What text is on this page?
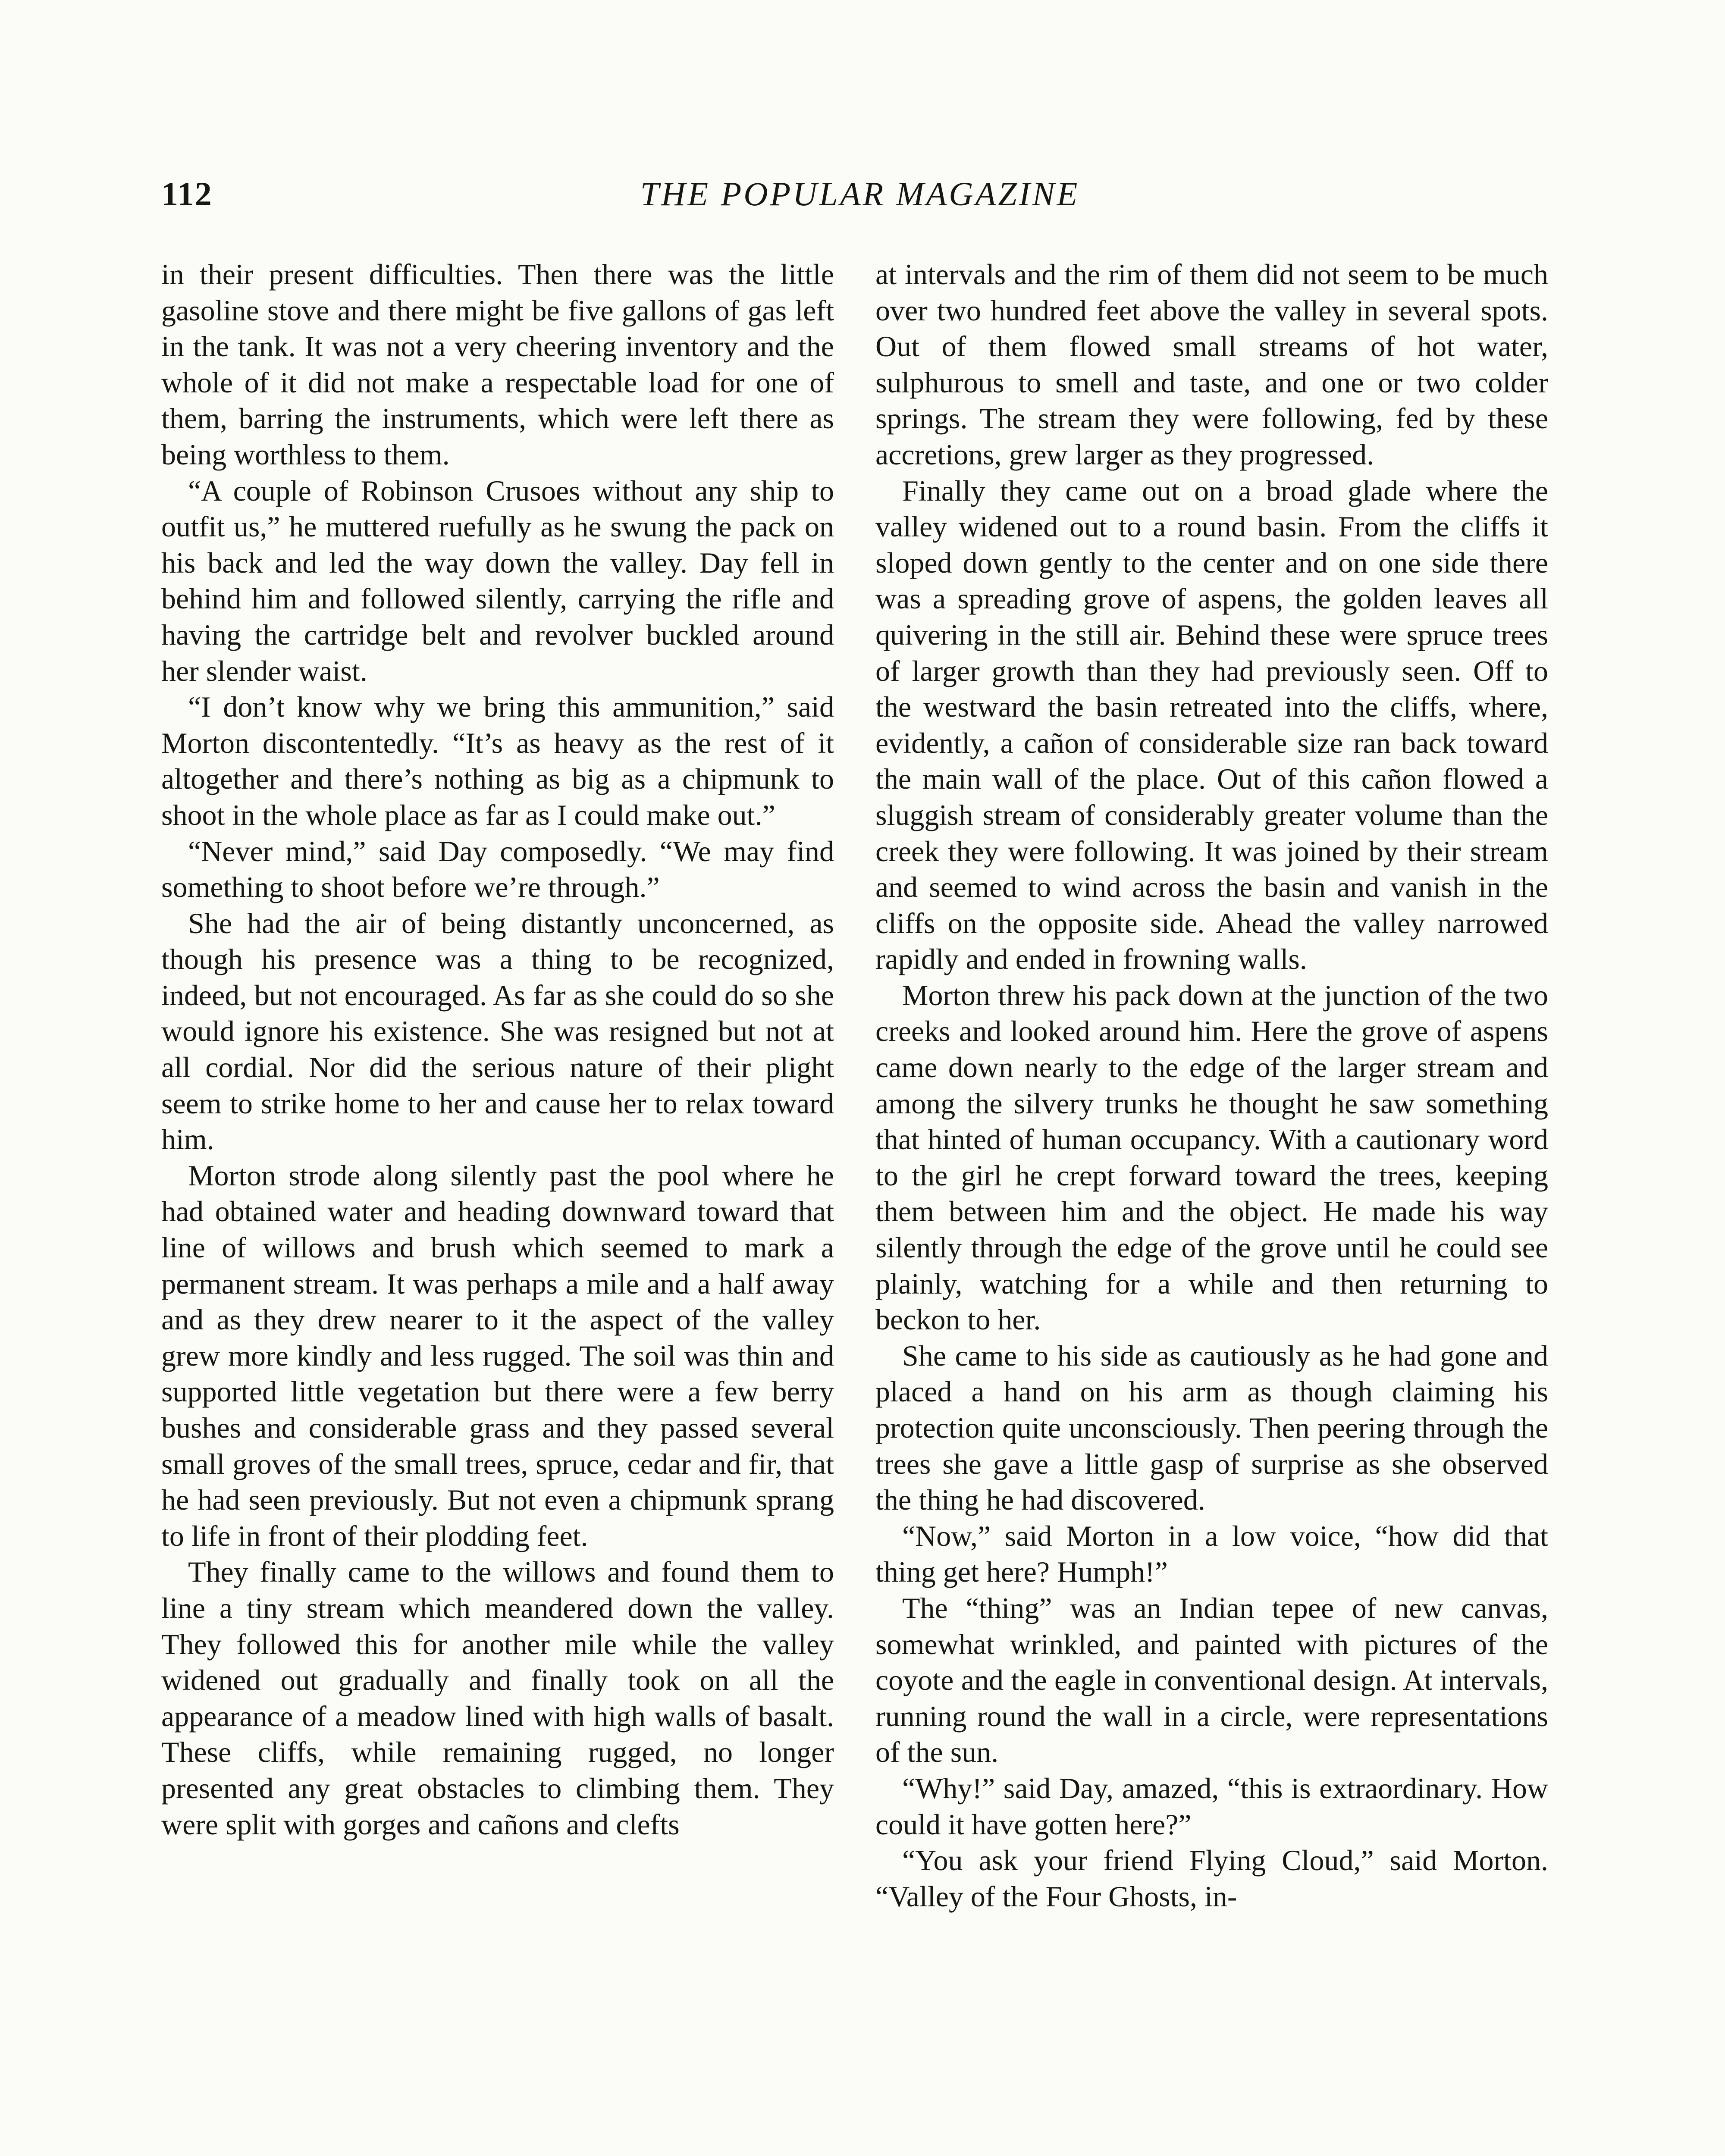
112	THE POPULAR MAGAZINE

in their present difficulties. Then there was the little gasoline stove and there might be five gallons of gas left in the tank. It was not a very cheering inventory and the whole of it did not make a respectable load for one of them, barring the instruments, which were left there as being worthless to them.

“A couple of Robinson Crusoes without any ship to outfit us,” he muttered ruefully as he swung the pack on his back and led the way down the valley. Day fell in behind him and followed silently, carrying the rifle and having the cartridge belt and revolver buckled around her slender waist.

“I don’t know why we bring this ammunition,” said Morton discontentedly. “It’s as heavy as the rest of it altogether and there’s nothing as big as a chipmunk to shoot in the whole place as far as I could make out.”

“Never mind,” said Day composedly. “We may find something to shoot before we’re through.”

She had the air of being distantly unconcerned, as though his presence was a thing to be recognized, indeed, but not encouraged. As far as she could do so she would ignore his existence. She was resigned but not at all cordial. Nor did the serious nature of their plight seem to strike home to her and cause her to relax toward him.

Morton strode along silently past the pool where he had obtained water and heading downward toward that line of willows and brush which seemed to mark a permanent stream. It was perhaps a mile and a half away and as they drew nearer to it the aspect of the valley grew more kindly and less rugged. The soil was thin and supported little vegetation but there were a few berry bushes and considerable grass and they passed several small groves of the small trees, spruce, cedar and fir, that he had seen previously. But not even a chipmunk sprang to life in front of their plodding feet.

They finally came to the willows and found them to line a tiny stream which meandered down the valley. They followed this for another mile while the valley widened out gradually and finally took on all the appearance of a meadow lined with high walls of basalt. These cliffs, while remaining rugged, no longer presented any great obstacles to climbing them. They were split with gorges and cañons and clefts

at intervals and the rim of them did not seem to be much over two hundred feet above the valley in several spots. Out of them flowed small streams of hot water, sulphurous to smell and taste, and one or two colder springs. The stream they were following, fed by these accretions, grew larger as they progressed.

Finally they came out on a broad glade where the valley widened out to a round basin. From the cliffs it sloped down gently to the center and on one side there was a spreading grove of aspens, the golden leaves all quivering in the still air. Behind these were spruce trees of larger growth than they had previously seen. Off to the westward the basin retreated into the cliffs, where, evidently, a cañon of considerable size ran back toward the main wall of the place. Out of this cañon flowed a sluggish stream of considerably greater volume than the creek they were following. It was joined by their stream and seemed to wind across the basin and vanish in the cliffs on the opposite side. Ahead the valley narrowed rapidly and ended in frowning walls.

Morton threw his pack down at the junction of the two creeks and looked around him. Here the grove of aspens came down nearly to the edge of the larger stream and among the silvery trunks he thought he saw something that hinted of human occupancy. With a cautionary word to the girl he crept forward toward the trees, keeping them between him and the object. He made his way silently through the edge of the grove until he could see plainly, watching for a while and then returning to beckon to her.

She came to his side as cautiously as he had gone and placed a hand on his arm as though claiming his protection quite unconsciously. Then peering through the trees she gave a little gasp of surprise as she observed the thing he had discovered.

“Now,” said Morton in a low voice, “how did that thing get here? Humph!”

The “thing” was an Indian tepee of new canvas, somewhat wrinkled, and painted with pictures of the coyote and the eagle in conventional design. At intervals, running round the wall in a circle, were representations of the sun.

“Why!” said Day, amazed, “this is extraordinary. How could it have gotten here?”

“You ask your friend Flying Cloud,” said Morton. “Valley of the Four Ghosts, in-
